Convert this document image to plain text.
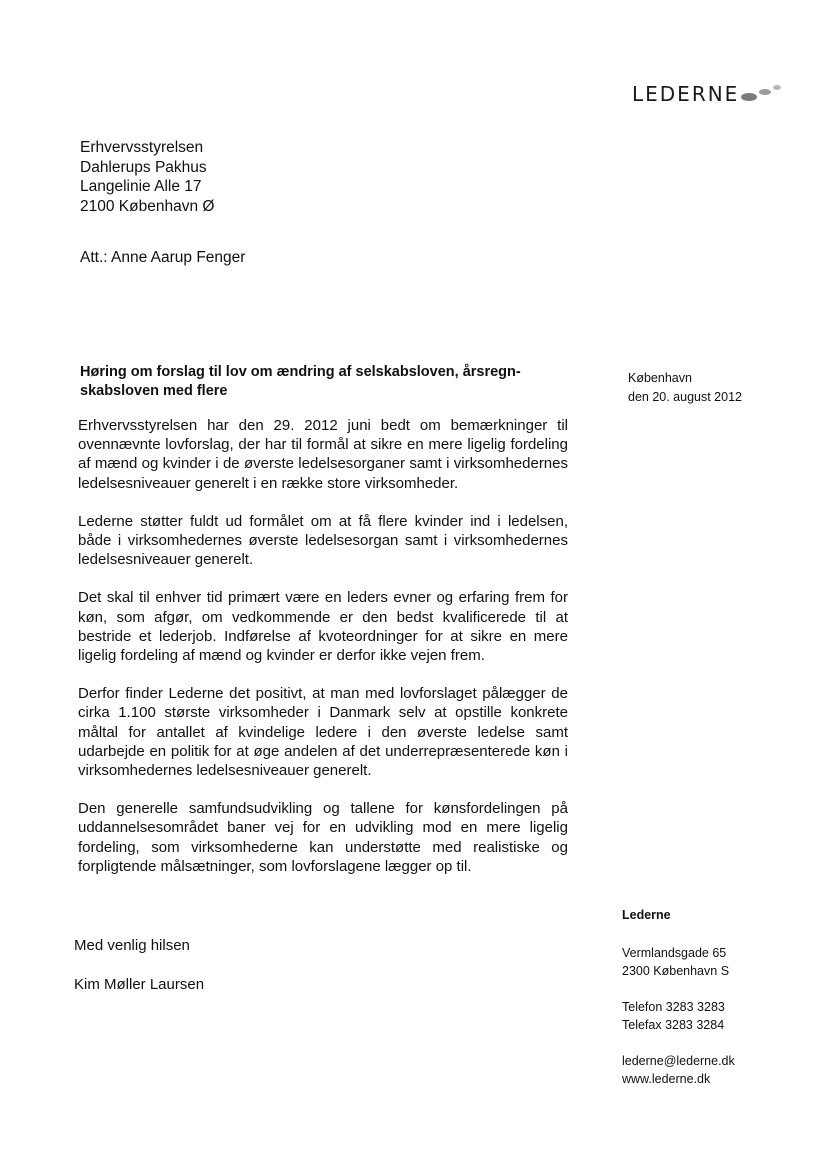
LEDERNE
Erhvervsstyrelsen
Dahlerups Pakhus
Langelinie Alle 17
2100 København Ø
Att.: Anne Aarup Fenger
Høring om forslag til lov om ændring af selskabsloven, årsregn-
skabsloven med flere
København
den 20. august 2012

Erhvervsstyrelsen har den 29. 2012 juni bedt om bemærkninger til ovennævnte lovforslag, der har til formål at sikre en mere ligelig fordeling af mænd og kvinder i de øverste ledelsesorganer samt i virksomhedernes ledelsesniveauer generelt i en række store virksomheder.

Lederne støtter fuldt ud formålet om at få flere kvinder ind i ledelsen, både i virksomhedernes øverste ledelsesorgan samt i virksomhedernes ledelsesniveauer generelt.

Det skal til enhver tid primært være en leders evner og erfaring frem for køn, som afgør, om vedkommende er den bedst kvalificerede til at bestride et lederjob. Indførelse af kvoteordninger for at sikre en mere ligelig fordeling af mænd og kvinder er derfor ikke vejen frem.

Derfor finder Lederne det positivt, at man med lovforslaget pålægger de cirka 1.100 største virksomheder i Danmark selv at opstille konkrete måltal for antallet af kvindelige ledere i den øverste ledelse samt udarbejde en politik for at øge andelen af det underrepræsenterede køn i virksomhedernes ledelsesniveauer generelt.

Den generelle samfundsudvikling og tallene for kønsfordelingen på uddannelsesområdet baner vej for en udvikling mod en mere ligelig fordeling, som virksomhederne kan understøtte med realistiske og forpligtende målsætninger, som lovforslagene lægger op til.

Med venlig hilsen
Kim Møller Laursen
Lederne
Vermlandsgade 65
2300 København S
Telefon 3283 3283
Telefax 3283 3284
lederne@lederne.dk
www.lederne.dk
